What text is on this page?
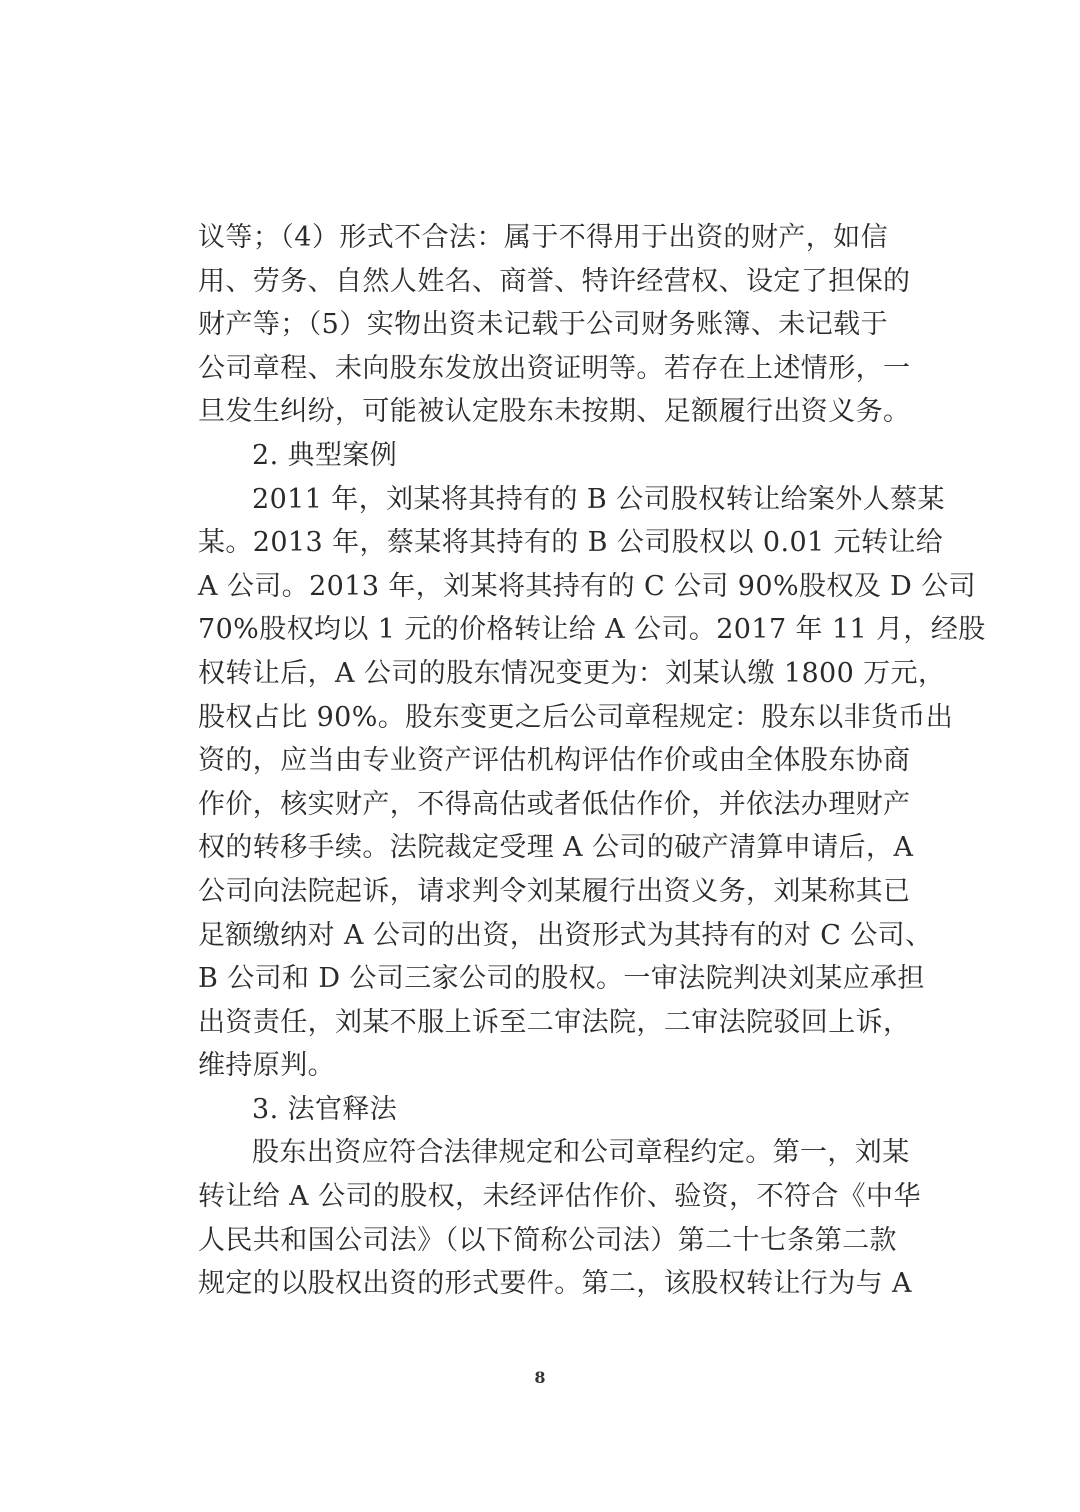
议等；（4）形式不合法：属于不得用于出资的财产，如信
用、劳务、自然人姓名、商誉、特许经营权、设定了担保的
财产等；（5）实物出资未记载于公司财务账簿、未记载于
公司章程、未向股东发放出资证明等。若存在上述情形，一
旦发生纠纷，可能被认定股东未按期、足额履行出资义务。
2. 典型案例
2011 年，刘某将其持有的 B 公司股权转让给案外人蔡某
某。2013 年，蔡某将其持有的 B 公司股权以 0.01 元转让给
A 公司。2013 年，刘某将其持有的 C 公司 90%股权及 D 公司
70%股权均以 1 元的价格转让给 A 公司。2017 年 11 月，经股
权转让后，A 公司的股东情况变更为：刘某认缴 1800 万元，
股权占比 90%。股东变更之后公司章程规定：股东以非货币出
资的，应当由专业资产评估机构评估作价或由全体股东协商
作价，核实财产，不得高估或者低估作价，并依法办理财产
权的转移手续。法院裁定受理 A 公司的破产清算申请后，A
公司向法院起诉，请求判令刘某履行出资义务，刘某称其已
足额缴纳对 A 公司的出资，出资形式为其持有的对 C 公司、
B 公司和 D 公司三家公司的股权。一审法院判决刘某应承担
出资责任，刘某不服上诉至二审法院，二审法院驳回上诉，
维持原判。
3. 法官释法
股东出资应符合法律规定和公司章程约定。第一，刘某
转让给 A 公司的股权，未经评估作价、验资，不符合《中华
人民共和国公司法》（以下简称公司法）第二十七条第二款
规定的以股权出资的形式要件。第二，该股权转让行为与 A
8
